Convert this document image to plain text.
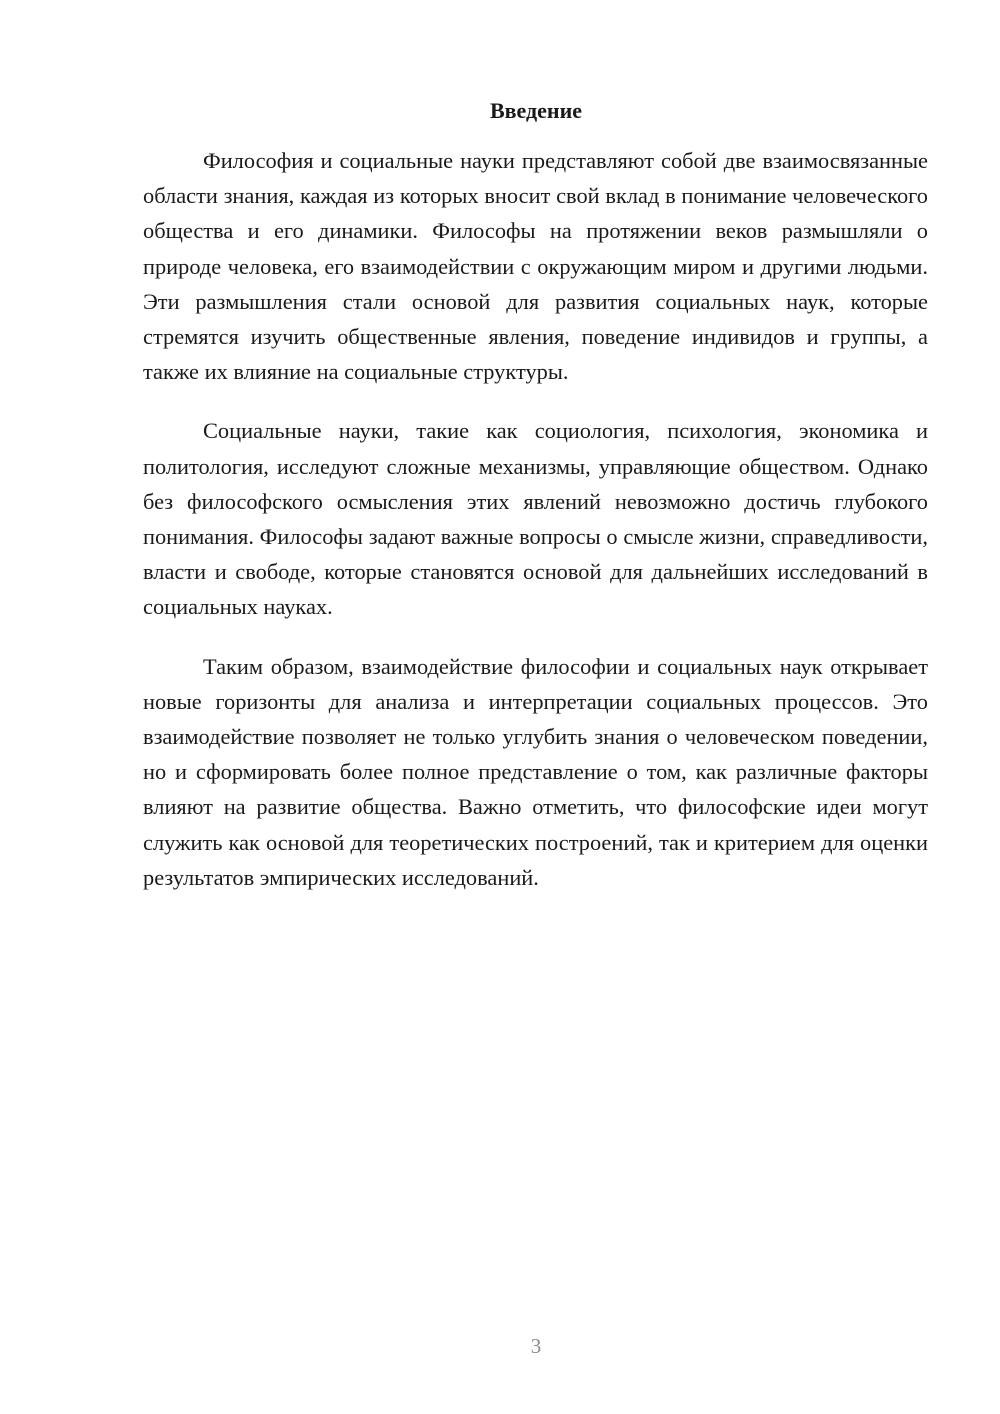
Введение

Философия и социальные науки представляют собой две взаимосвязанные области знания, каждая из которых вносит свой вклад в понимание человеческого общества и его динамики. Философы на протяжении веков размышляли о природе человека, его взаимодействии с окружающим миром и другими людьми. Эти размышления стали основой для развития социальных наук, которые стремятся изучить общественные явления, поведение индивидов и группы, а также их влияние на социальные структуры.

Социальные науки, такие как социология, психология, экономика и политология, исследуют сложные механизмы, управляющие обществом. Однако без философского осмысления этих явлений невозможно достичь глубокого понимания. Философы задают важные вопросы о смысле жизни, справедливости, власти и свободе, которые становятся основой для дальнейших исследований в социальных науках.

Таким образом, взаимодействие философии и социальных наук открывает новые горизонты для анализа и интерпретации социальных процессов. Это взаимодействие позволяет не только углубить знания о человеческом поведении, но и сформировать более полное представление о том, как различные факторы влияют на развитие общества. Важно отметить, что философские идеи могут служить как основой для теоретических построений, так и критерием для оценки результатов эмпирических исследований.

3
